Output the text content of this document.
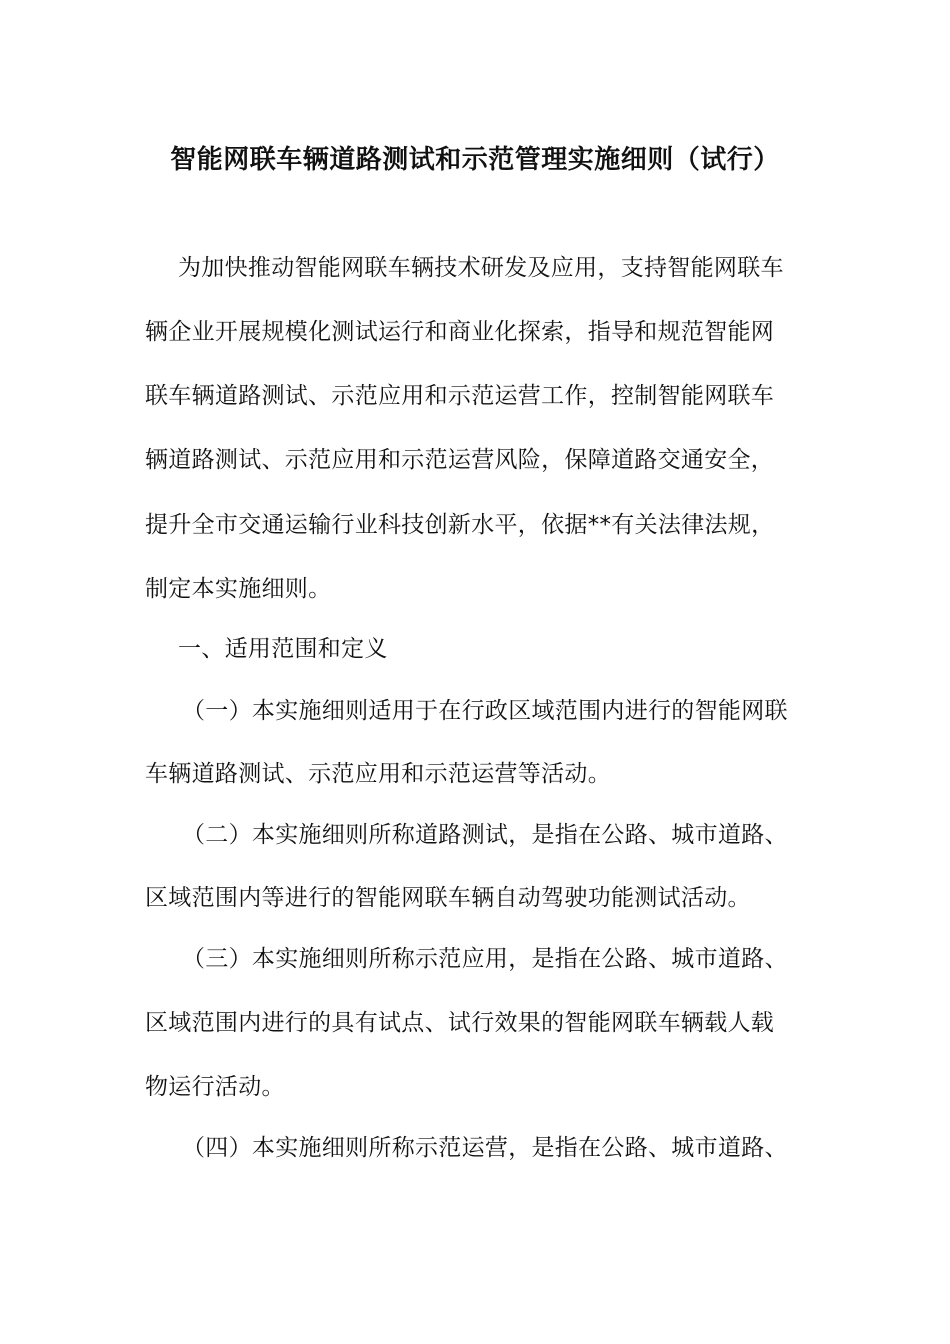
智能网联车辆道路测试和示范管理实施细则（试行）
为加快推动智能网联车辆技术研发及应用，支持智能网联车
辆企业开展规模化测试运行和商业化探索，指导和规范智能网
联车辆道路测试、示范应用和示范运营工作，控制智能网联车
辆道路测试、示范应用和示范运营风险，保障道路交通安全，
提升全市交通运输行业科技创新水平，依据**有关法律法规，
制定本实施细则。
一、适用范围和定义
（一）本实施细则适用于在行政区域范围内进行的智能网联
车辆道路测试、示范应用和示范运营等活动。
（二）本实施细则所称道路测试，是指在公路、城市道路、
区域范围内等进行的智能网联车辆自动驾驶功能测试活动。
（三）本实施细则所称示范应用，是指在公路、城市道路、
区域范围内进行的具有试点、试行效果的智能网联车辆载人载
物运行活动。
（四）本实施细则所称示范运营，是指在公路、城市道路、
